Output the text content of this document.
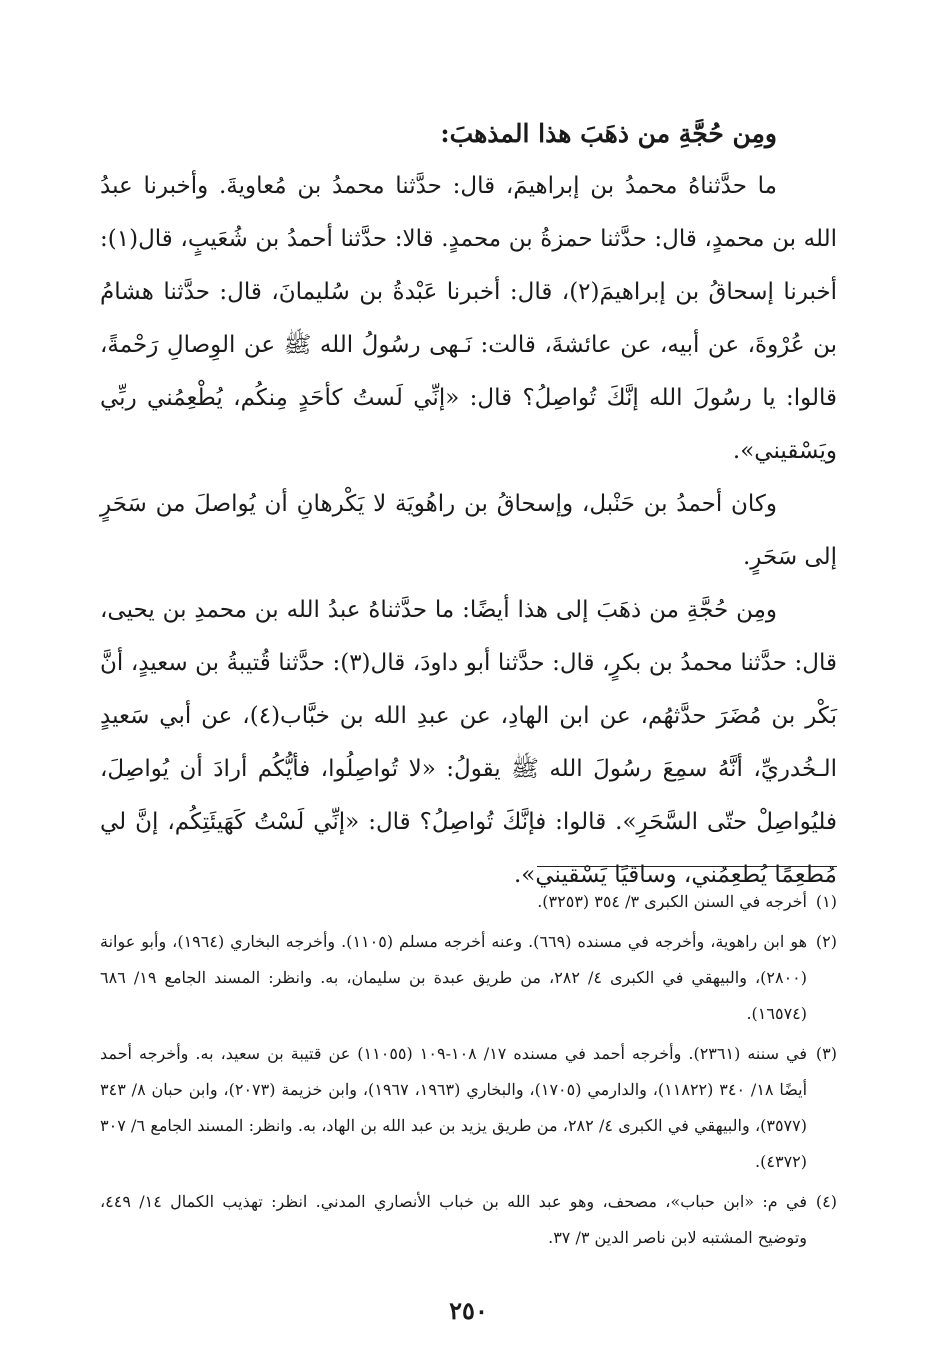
ومِن حُجَّةِ من ذهَبَ هذا المذهبَ:

ما حدَّثناهُ محمدُ بن إبراهيمَ، قال: حدَّثنا محمدُ بن مُعاويةَ. وأخبرنا عبدُ الله بن محمدٍ، قال: حدَّثنا حمزةُ بن محمدٍ. قالا: حدَّثنا أحمدُ بن شُعَيبٍ، قال(١): أخبرنا إسحاقُ بن إبراهيمَ(٢)، قال: أخبرنا عَبْدةُ بن سُليمانَ، قال: حدَّثنا هشامُ بن عُرْوةَ، عن أبيه، عن عائشةَ، قالت: نَـهى رسُولُ الله ﷺ عن الوِصالِ رَحْمةً، قالوا: يا رسُولَ الله إنَّكَ تُواصِلُ؟ قال: «إنِّي لَستُ كأحَدٍ مِنكُم، يُطْعِمُني ربِّي ويَسْقيني».

وكان أحمدُ بن حَنْبل، وإسحاقُ بن راهُويَة لا يَكْرهانِ أن يُواصلَ من سَحَرٍ إلى سَحَرٍ.

ومِن حُجَّةِ من ذهَبَ إلى هذا أيضًا: ما حدَّثناهُ عبدُ الله بن محمدِ بن يحيى، قال: حدَّثنا محمدُ بن بكرٍ، قال: حدَّثنا أبو داودَ، قال(٣): حدَّثنا قُتيبةُ بن سعيدٍ، أنَّ بَكْر بن مُضَرَ حدَّثهُم، عن ابن الهادِ، عن عبدِ الله بن خبَّاب(٤)، عن أبي سَعيدٍ الـخُدريِّ، أنَّهُ سمِعَ رسُولَ الله ﷺ يقولُ: «لا تُواصِلُوا، فأيُّكُم أرادَ أن يُواصِلَ، فليُواصِلْ حتّى السَّحَرِ». قالوا: فإنَّكَ تُواصِلُ؟ قال: «إنِّي لَسْتُ كَهَيئَتِكُم، إنَّ لي مُطعِمًا يُطعِمُني، وساقيًا يَسْقيني».

(١)
أخرجه في السنن الكبرى ٣/ ٣٥٤ (٣٢٥٣).

(٢)
هو ابن راهوية، وأخرجه في مسنده (٦٦٩). وعنه أخرجه مسلم (١١٠٥). وأخرجه البخاري (١٩٦٤)، وأبو عوانة (٢٨٠٠)، والبيهقي في الكبرى ٤/ ٢٨٢، من طريق عبدة بن سليمان، به. وانظر: المسند الجامع ١٩/ ٦٨٦ (١٦٥٧٤).

(٣)
في سننه (٢٣٦١). وأخرجه أحمد في مسنده ١٧/ ١٠٨-١٠٩ (١١٠٥٥) عن قتيبة بن سعيد، به. وأخرجه أحمد أيضًا ١٨/ ٣٤٠ (١١٨٢٢)، والدارمي (١٧٠٥)، والبخاري (١٩٦٣، ١٩٦٧)، وابن خزيمة (٢٠٧٣)، وابن حبان ٨/ ٣٤٣ (٣٥٧٧)، والبيهقي في الكبرى ٤/ ٢٨٢، من طريق يزيد بن عبد الله بن الهاد، به. وانظر: المسند الجامع ٦/ ٣٠٧ (٤٣٧٢).

(٤)
في م: «ابن حباب»، مصحف، وهو عبد الله بن خباب الأنصاري المدني. انظر: تهذيب الكمال ١٤/ ٤٤٩، وتوضيح المشتبه لابن ناصر الدين ٣/ ٣٧.

٢٥٠
